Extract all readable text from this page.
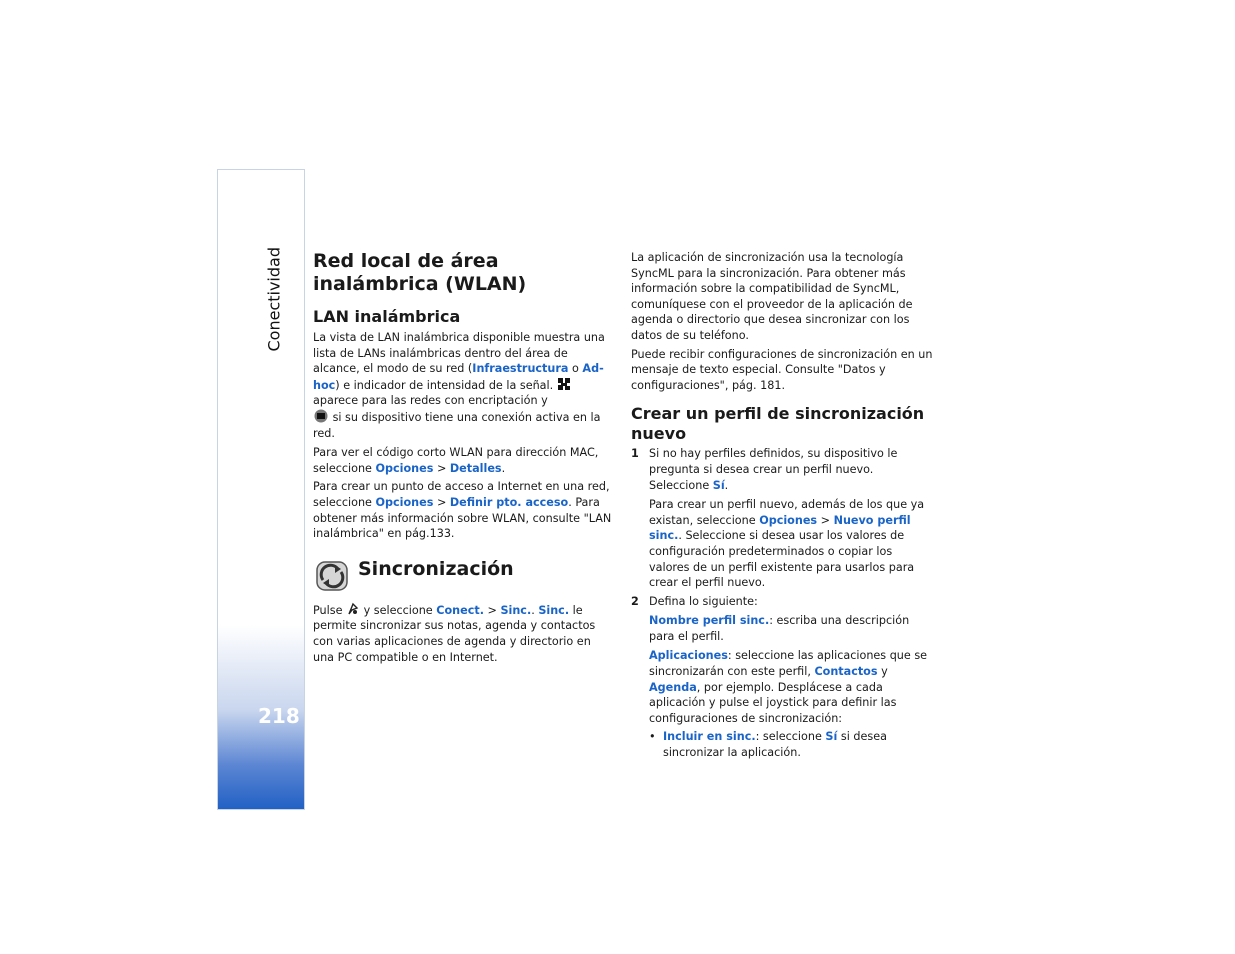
Conectividad
218
Red local de área inalámbrica (WLAN)
LAN inalámbrica

La vista de LAN inalámbrica disponible muestra una lista de LANs inalámbricas dentro del área de alcance, el modo de su red (Infraestructura o Ad-hoc) e indicador de intensidad de la señal.  aparece para las redes con encriptación y
si su dispositivo tiene una conexión activa en la red.

Para ver el código corto WLAN para dirección MAC, seleccione Opciones > Detalles.

Para crear un punto de acceso a Internet en una red, seleccione Opciones > Definir pto. acceso. Para obtener más información sobre WLAN, consulte "LAN inalámbrica" en pág.133.

Sincronización

Pulse  y seleccione Conect. > Sinc.. Sinc. le permite sincronizar sus notas, agenda y contactos con varias aplicaciones de agenda y directorio en una PC compatible o en Internet.

La aplicación de sincronización usa la tecnología SyncML para la sincronización. Para obtener más información sobre la compatibilidad de SyncML, comuníquese con el proveedor de la aplicación de agenda o directorio que desea sincronizar con los datos de su teléfono.

Puede recibir configuraciones de sincronización en un mensaje de texto especial. Consulte "Datos y configuraciones", pág. 181.

Crear un perfil de sincronización nuevo
1 Si no hay perfiles definidos, su dispositivo le pregunta si desea crear un perfil nuevo. Seleccione Sí.
Para crear un perfil nuevo, además de los que ya existan, seleccione Opciones > Nuevo perfil sinc.. Seleccione si desea usar los valores de configuración predeterminados o copiar los valores de un perfil existente para usarlos para crear el perfil nuevo.
2 Defina lo siguiente:
Nombre perfil sinc.: escriba una descripción para el perfil.
Aplicaciones: seleccione las aplicaciones que se sincronizarán con este perfil, Contactos y Agenda, por ejemplo. Desplácese a cada aplicación y pulse el joystick para definir las configuraciones de sincronización:
• Incluir en sinc.: seleccione Sí si desea sincronizar la aplicación.
